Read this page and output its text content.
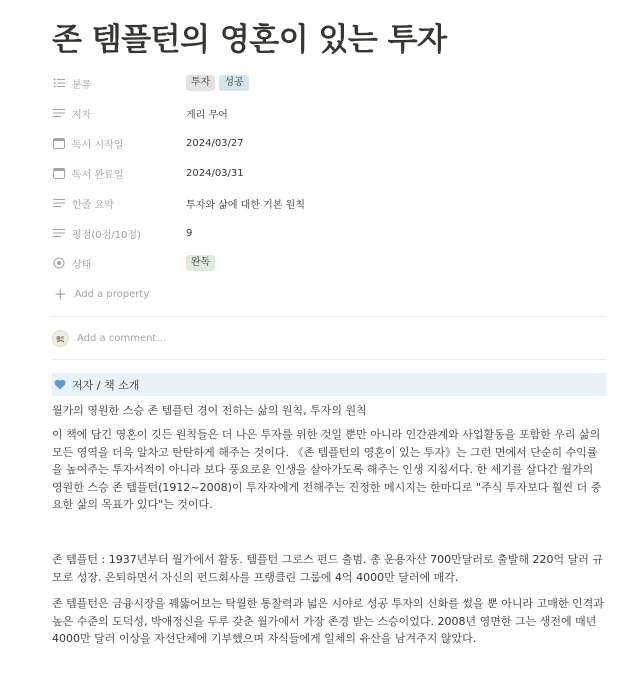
존 템플턴의 영혼이 있는 투자
분류	투자	성공
저자	게리 무어
독서 시작일	2024/03/27
독서 완료일	2024/03/31
한줄 요약	투자와 삶에 대한 기본 원칙
평점(0점/10점)	9
상태	완독
+ Add a property
Add a comment...
저자 / 책 소개

월가의 영원한 스승 존 템플턴 경이 전하는 삶의 원칙, 투자의 원칙

이 책에 담긴 영혼이 깃든 원칙들은 더 나은 투자를 위한 것일 뿐만 아니라 인간관계와 사업활동을 포함한 우리 삶의 모든 영역을 더욱 알차고 탄탄하게 해주는 것이다. 《존 템플턴의 영혼이 있는 투자》는 그런 면에서 단순히 수익률을 높여주는 투자서적이 아니라 보다 풍요로운 인생을 살아가도록 해주는 인생 지침서다. 한 세기를 살다간 월가의 영원한 스승 존 템플턴(1912~2008)이 투자자에게 전해주는 진정한 메시지는 한마디로 "주식 투자보다 훨씬 더 중요한 삶의 목표가 있다"는 것이다.

존 템플턴 : 1937년부터 월가에서 활동. 템플턴 그로스 펀드 출범. 총 운용자산 700만달러로 출발해 220억 달러 규모로 성장. 은퇴하면서 자신의 펀드회사를 프랭클린 그룹에 4억 4000만 달러에 매각.

존 템플턴은 금융시장을 꿰뚫어보는 탁월한 통찰력과 넓은 시야로 성공 투자의 신화를 썼을 뿐 아니라 고매한 인격과 높은 수준의 도덕성, 박애정신을 두루 갖춘 월가에서 가장 존경 받는 스승이었다. 2008년 영면한 그는 생전에 매년 4000만 달러 이상을 자선단체에 기부했으며 자식들에게 일체의 유산을 남겨주지 않았다.
